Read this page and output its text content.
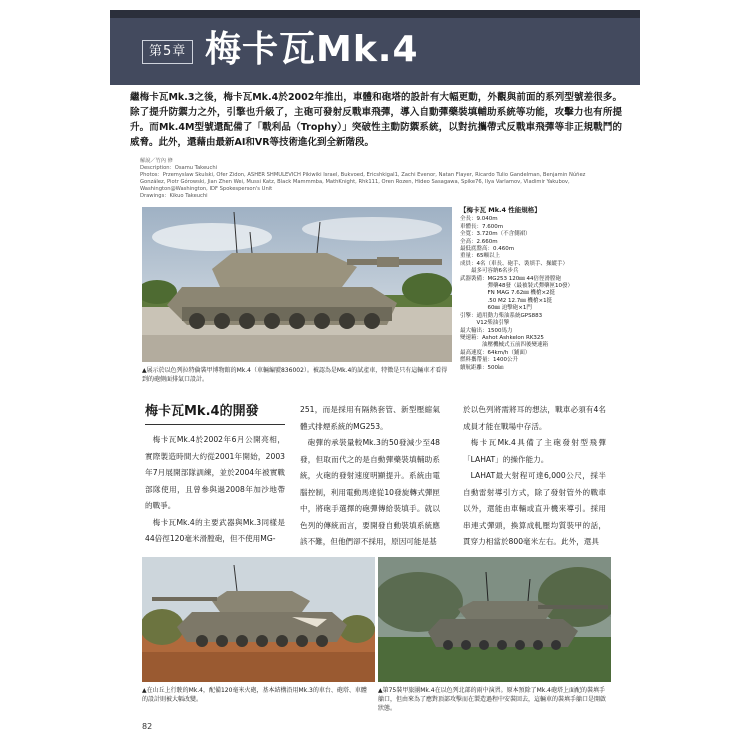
第5章 梅卡瓦Mk.4
繼梅卡瓦Mk.3之後，梅卡瓦Mk.4於2002年推出，車體和砲塔的設計有大幅更動，外觀與前面的系列型號差很多。除了提升防禦力之外，引擎也升級了，主砲可發射反戰車飛彈，導入自動彈藥裝填輔助系統等功能，攻擊力也有所提升。而Mk.4M型號還配備了「戰利品（Trophy）」突破性主動防禦系統，以對抗攜帶式反戰車飛彈等非正規戰鬥的威脅。此外，還藉由最新AI和VR等技術進化到全新階段。
解說／竹內 修
Description：Osamu Takeuchi
Photos：Przemyslaw Skulski, Ofer Zidon, ASHER SHMULEVICH Pikiwiki Israel, Bukvoed, Ericshkigal1, Zachi Evenor, Natan Flayer, Ricardo Tulio Gandelman, Benjamin Núñez González, Piotr Górowski, Jian Zhen Wei, Mussi Katz, Black Mammmba, MathKnight, Rhk111, Oren Rozen, Hideo Sasagawa, Spike76, Ilya Varlamov, Vladimir Yakubov, Washington@Washington, IDF Spokesperson's Unit
Drawings：Kikuo Takeuchi
▲展示於以色列拉特倫裝甲博物館的Mk.4（車輛編號836002）。被認為是Mk.4的試產車，特徵是只有這輛車才看得到的砲側面排氣口設計。
【梅卡瓦 Mk.4 性能規格】
全長：9.040m
車體長：7.600m
全寬：3.720m（不含側裙）
全高：2.660m
最低底盤高：0.460m
重量：65噸以上
成員：4名（車長、砲手、裝填手、操縱手）
　　最多可容納6名步兵
武器裝備：MG253 120㎜ 44倍徑滑膛砲
　　　　　彈藥48發（最被裝式彈藥匣10發）
　　　　　FN MAG 7.62㎜ 機槍×2挺
　　　　　.50 M2 12.7㎜ 機槍×1挺
　　　　　60㎜ 迫擊砲×1門
引擎：通用動力柴油系統GPS883
　　　V12柴油引擎
最大輸出：1500馬力
變速箱：Ashot Ashkelon RK325
　　　　油壓機械式五前四後變速箱
最高速度：64km/h（鋪面）
燃料攜帶量：1400公升
續航距離：500㎞
梅卡瓦Mk.4的開發

梅卡瓦Mk.4於2002年6月公開亮相，實際製造時間大約從2001年開始，2003年7月展開部隊訓練，並於2004年被實戰部隊使用，且曾參與過2008年加沙地帶的戰爭。

梅卡瓦Mk.4的主要武器與Mk.3同樣是44倍徑120毫米滑膛砲，但不使用MG-

251，而是採用有隔熱套管、新型壓縮氣體式排煙系統的MG253。

砲彈的承裝量較Mk.3的50發減少至48發，但取而代之的是自動彈藥裝填輔助系統，火砲的發射速度明顯提升。系統由電腦控制，利用電動馬達從10發旋轉式彈匣中，將砲手選擇的砲彈傳給裝填手。就以色列的傳統而言，要開發自動裝填系統應該不難，但他們卻不採用，原因可能是基

於以色列將需將耳的想法，戰車必須有4名成員才能在戰場中存活。

梅卡瓦Mk.4具備了主砲發射型飛彈「LAHAT」的操作能力。

LAHAT最大射程可達6,000公尺，採半自動雷射導引方式，除了發射管外的戰車以外，還能由車輛或直升機來導引。採用串連式彈頭，換算成軋壓均質裝甲的話，貫穿力相當於800毫米左右。此外，還具

▲在山丘上行駛的Mk.4，配備120毫米火砲，基本結構沿用Mk.3的車台、砲塔、車體的設計則被大幅改變。
▲第75裝甲旅團Mk.4在以色列北部的雨中演習。原本預除了Mk.4砲塔上面配的裝填手艙口，但由來為了應對頂部攻擊而在製造過程中安裝回去，這輛車的裝填手艙口是開啟狀態。
82
